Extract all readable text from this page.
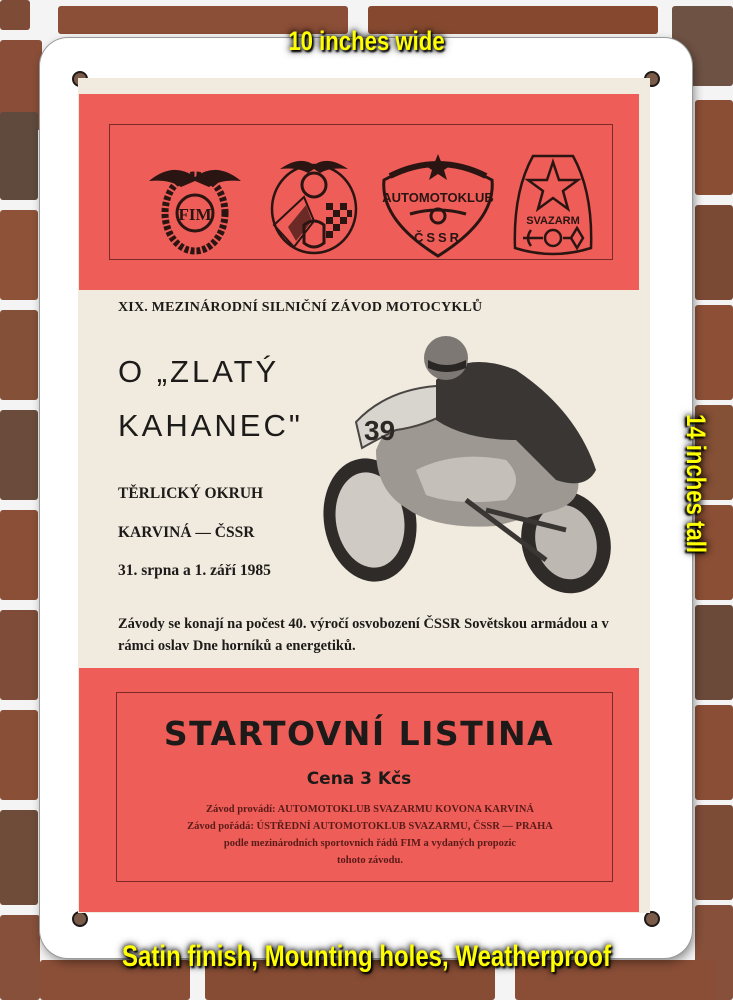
FIM
AUTOMOTOKLUB
ČSSR
SVAZARM
XIX. MEZINÁRODNÍ SILNIČNÍ ZÁVOD MOTOCYKLŮ
O „ZLATÝ
KAHANEC"
TĚRLICKÝ OKRUH
KARVINÁ — ČSSR
31. srpna a 1. září 1985
39
Závody se konají na počest 40. výročí osvobození ČSSR Sovětskou armádou a v rámci oslav Dne horníků a energetiků.
STARTOVNÍ LISTINA
Cena 3 Kčs
Závod provádí: AUTOMOTOKLUB SVAZARMU KOVONA KARVINÁ
Závod pořádá: ÚSTŘEDNÍ AUTOMOTOKLUB SVAZARMU, ČSSR — PRAHA
podle mezinárodních sportovních řádů FIM a vydaných propozic
tohoto závodu.
10 inches wide
14 inches tall
Satin finish, Mounting holes, Weatherproof
